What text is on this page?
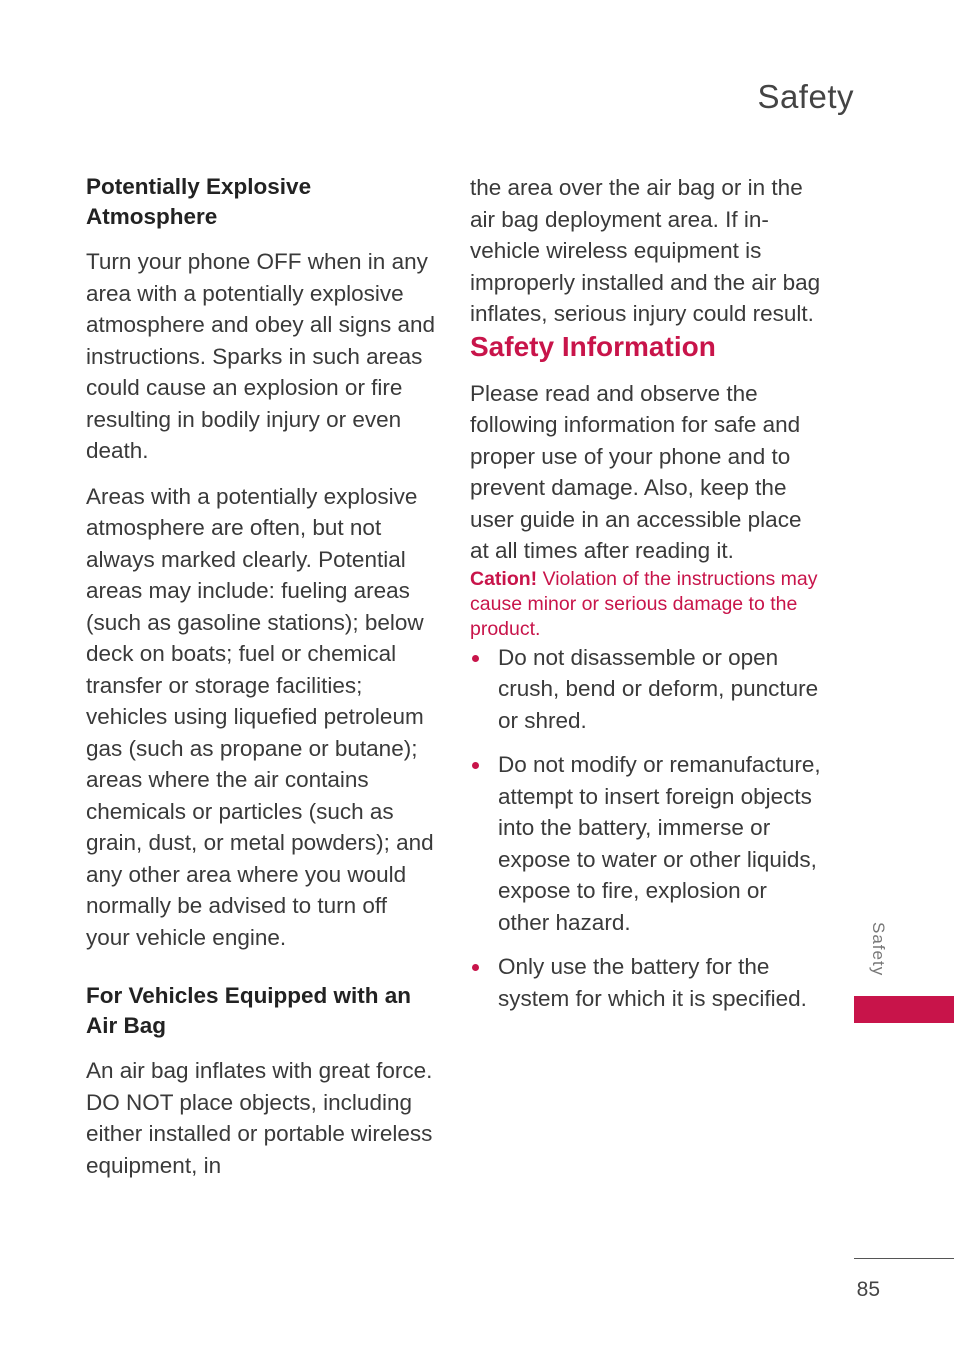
Safety
Potentially Explosive Atmosphere

Turn your phone OFF when in any area with a potentially explosive atmosphere and obey all signs and instructions. Sparks in such areas could cause an explosion or fire resulting in bodily injury or even death.

Areas with a potentially explosive atmosphere are often, but not always marked clearly. Potential areas may include: fueling areas (such as gasoline stations); below deck on boats; fuel or chemical transfer or storage facilities; vehicles using liquefied petroleum gas (such as propane or butane); areas where the air contains chemicals or particles (such as grain, dust, or metal powders); and any other area where you would normally be advised to turn off your vehicle engine.

For Vehicles Equipped with an Air Bag

An air bag inflates with great force. DO NOT place objects, including either installed or portable wireless equipment, in

the area over the air bag or in the air bag deployment area. If in-vehicle wireless equipment is improperly installed and the air bag inflates, serious injury could result.

Safety Information

Please read and observe the following information for safe and proper use of your phone and to prevent damage. Also, keep the user guide in an accessible place at all times after reading it.

Cation! Violation of the instructions may cause minor or serious damage to the product.

Do not disassemble or open crush, bend or deform, puncture or shred.
Do not modify or remanufacture, attempt to insert foreign objects into the battery, immerse or expose to water or other liquids, expose to fire, explosion or other hazard.
Only use the battery for the system for which it is specified.
Safety
85
